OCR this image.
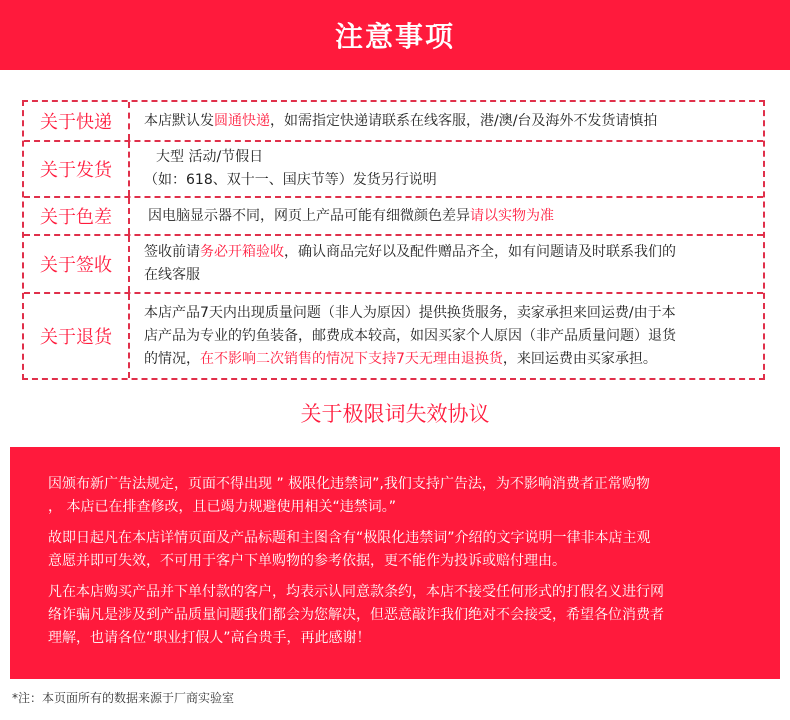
注意事项
关于快递	本店默认发圆通快递，如需指定快递请联系在线客服，港/澳/台及海外不发货请慎拍
关于发货
大型 活动/节假日
（如：618、双十一、国庆节等）发货另行说明
关于色差	因电脑显示器不同，网页上产品可能有细微颜色差异请以实物为准
关于签收
签收前请务必开箱验收，确认商品完好以及配件赠品齐全，如有问题请及时联系我们的
在线客服
关于退货
本店产品7天内出现质量问题（非人为原因）提供换货服务，卖家承担来回运费/由于本
店产品为专业的钓鱼装备，邮费成本较高，如因买家个人原因（非产品质量问题）退货
的情况，在不影响二次销售的情况下支持7天无理由退换货，来回运费由买家承担。
关于极限词失效协议

因颁布新广告法规定，页面不得出现 ” 极限化违禁词”,我们支持广告法，为不影响消费者正常购物
， 本店已在排查修改，且已竭力规避使用相关“违禁词。”

故即日起凡在本店详情页面及产品标题和主图含有“极限化违禁词”介绍的文字说明一律非本店主观
意愿并即可失效，不可用于客户下单购物的参考依据，更不能作为投诉或赔付理由。

凡在本店购买产品并下单付款的客户，均表示认同意款条约，本店不接受任何形式的打假名义进行网
络诈骗凡是涉及到产品质量问题我们都会为您解决，但恶意敲诈我们绝对不会接受，希望各位消费者
理解，也请各位“职业打假人”高台贵手，再此感谢！

*注：本页面所有的数据来源于厂商实验室
